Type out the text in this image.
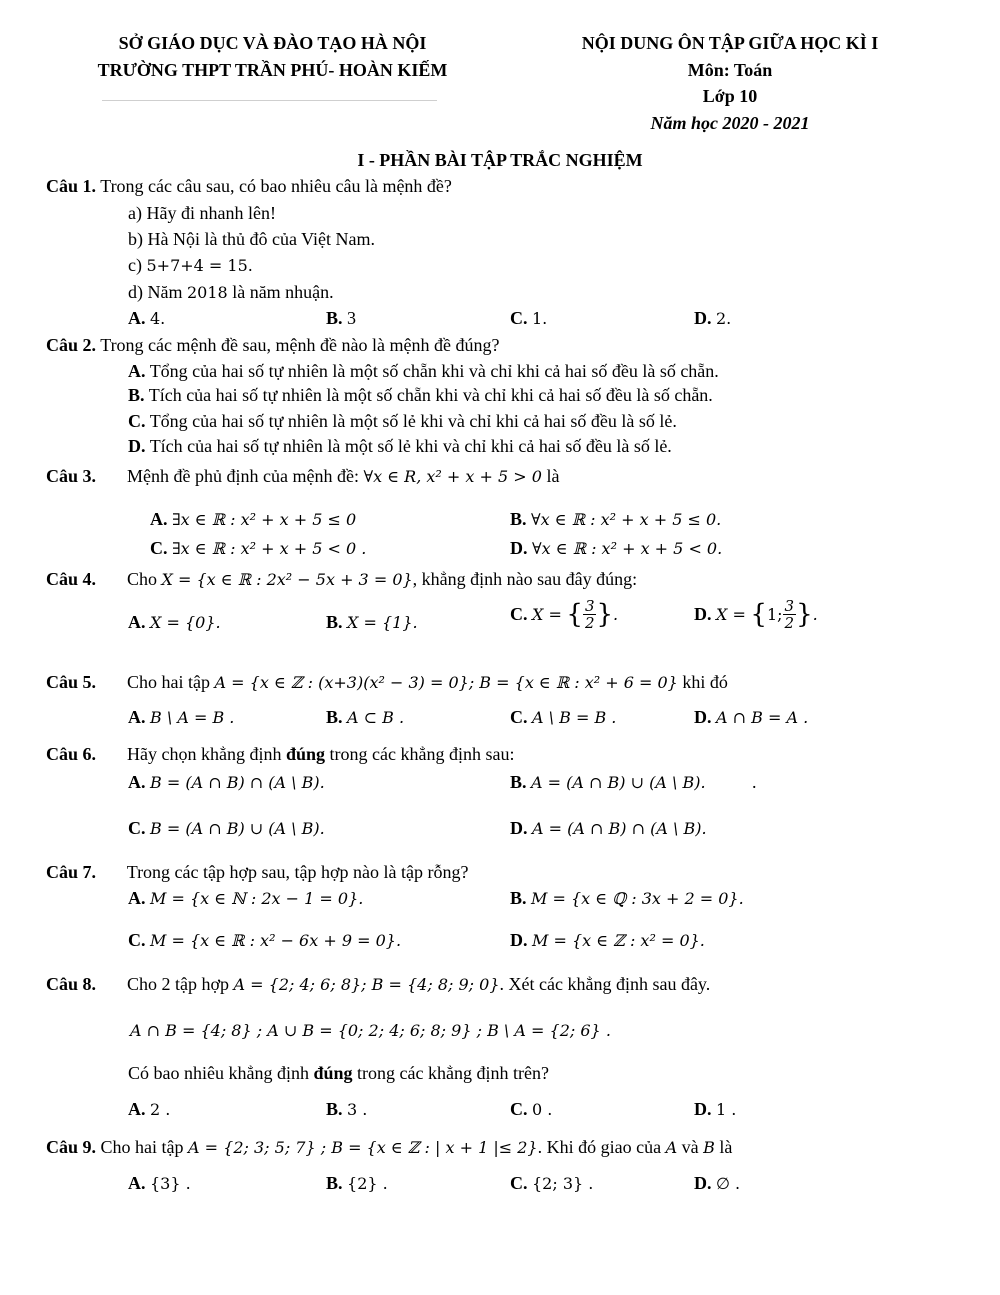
SỞ GIÁO DỤC VÀ ĐÀO TẠO HÀ NỘI
TRƯỜNG THPT TRẦN PHÚ- HOÀN KIẾM
NỘI DUNG ÔN TẬP GIỮA HỌC KÌ I
Môn: Toán
Lớp 10
Năm học 2020 - 2021
I - PHẦN BÀI TẬP TRẮC NGHIỆM
Câu 1. Trong các câu sau, có bao nhiêu câu là mệnh đề?
a) Hãy đi nhanh lên!
b) Hà Nội là thủ đô của Việt Nam.
c) 5+7+4 = 15.
d) Năm 2018 là năm nhuận.
A. 4.	B. 3	C. 1.	D. 2.
Câu 2. Trong các mệnh đề sau, mệnh đề nào là mệnh đề đúng?
A. Tổng của hai số tự nhiên là một số chẵn khi và chỉ khi cả hai số đều là số chẵn.
B. Tích của hai số tự nhiên là một số chẵn khi và chỉ khi cả hai số đều là số chẵn.
C. Tổng của hai số tự nhiên là một số lẻ khi và chỉ khi cả hai số đều là số lẻ.
D. Tích của hai số tự nhiên là một số lẻ khi và chỉ khi cả hai số đều là số lẻ.
Câu 3. Mệnh đề phủ định của mệnh đề: ∀x ∈ R, x² + x + 5 > 0 là
A. ∃x ∈ ℝ : x² + x + 5 ≤ 0	B. ∀x ∈ ℝ : x² + x + 5 ≤ 0.
C. ∃x ∈ ℝ : x² + x + 5 < 0 .	D. ∀x ∈ ℝ : x² + x + 5 < 0.
Câu 4. Cho X = {x ∈ ℝ : 2x² − 5x + 3 = 0}, khẳng định nào sau đây đúng:
A. X = {0}.	B. X = {1}.	C. X = { $\frac{3}{2}$ }.	D. X = {1; $\frac{3}{2}$ }.
Câu 5. Cho hai tập A = {x ∈ ℤ : (x+3)(x² − 3) = 0}; B = {x ∈ ℝ : x² + 6 = 0} khi đó
A. B \ A = B .	B. A ⊂ B .	C. A \ B = B .	D. A ∩ B = A .
Câu 6. Hãy chọn khẳng định đúng trong các khẳng định sau:
A. B = (A ∩ B) ∩ (A \ B).	B. A = (A ∩ B) ∪ (A \ B).	.
C. B = (A ∩ B) ∪ (A \ B).	D. A = (A ∩ B) ∩ (A \ B).
Câu 7. Trong các tập hợp sau, tập hợp nào là tập rỗng?
A. M = {x ∈ ℕ : 2x − 1 = 0}.	B. M = {x ∈ ℚ : 3x + 2 = 0}.
C. M = {x ∈ ℝ : x² − 6x + 9 = 0}.	D. M = {x ∈ ℤ : x² = 0}.
Câu 8. Cho 2 tập hợp A = {2; 4; 6; 8}; B = {4; 8; 9; 0}. Xét các khẳng định sau đây.
A ∩ B = {4; 8} ; A ∪ B = {0; 2; 4; 6; 8; 9} ; B \ A = {2; 6} .
Có bao nhiêu khẳng định đúng trong các khẳng định trên?
A. 2 .	B. 3 .	C. 0 .	D. 1 .
Câu 9. Cho hai tập A = {2; 3; 5; 7} ; B = {x ∈ ℤ : | x + 1 |≤ 2}. Khi đó giao của A và B là
A. {3} .	B. {2} .	C. {2; 3} .	D. ∅ .
